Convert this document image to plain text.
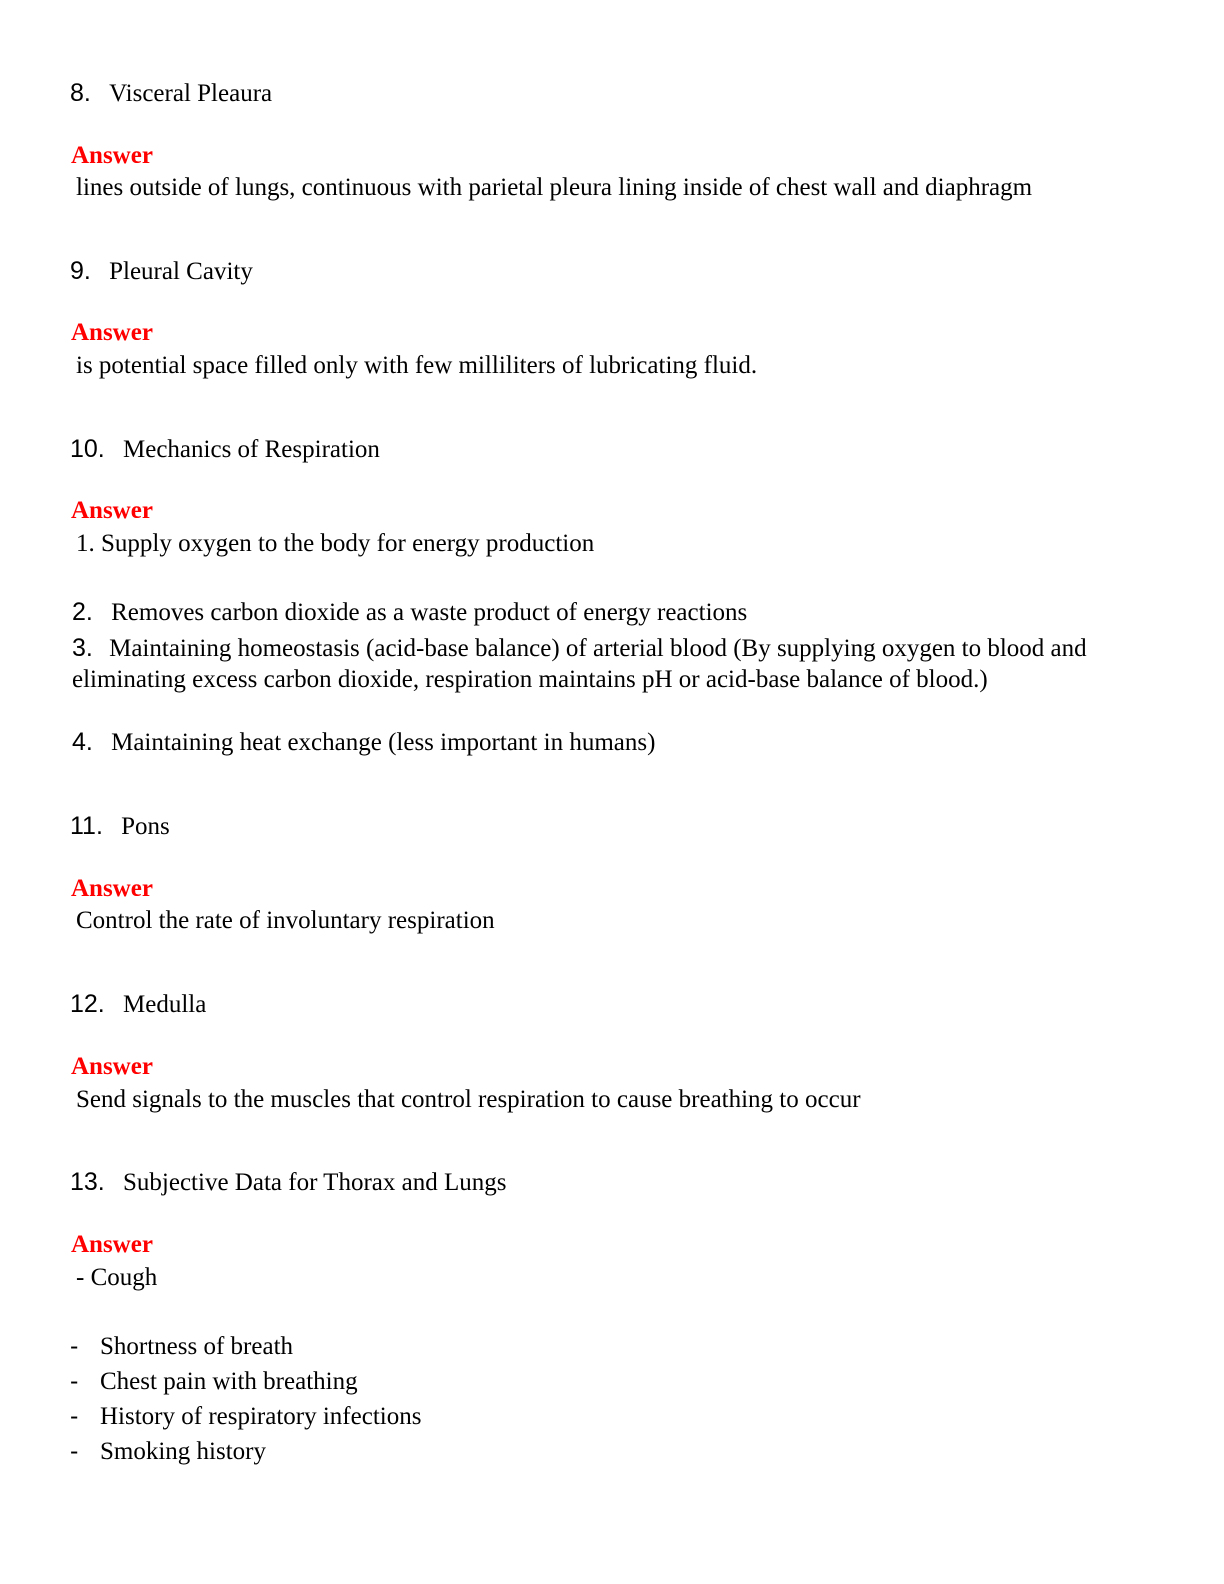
8. Visceral Pleaura
Answer
lines outside of lungs, continuous with parietal pleura lining inside of chest wall and diaphragm
9. Pleural Cavity
Answer
is potential space filled only with few milliliters of lubricating fluid.
10. Mechanics of Respiration
Answer
1. Supply oxygen to the body for energy production
2. Removes carbon dioxide as a waste product of energy reactions
3. Maintaining homeostasis (acid-base balance) of arterial blood (By supplying oxygen to blood and eliminating excess carbon dioxide, respiration maintains pH or acid-base balance of blood.)
4. Maintaining heat exchange (less important in humans)
11. Pons
Answer
Control the rate of involuntary respiration
12. Medulla
Answer
Send signals to the muscles that control respiration to cause breathing to occur
13. Subjective Data for Thorax and Lungs
Answer
- Cough
- Shortness of breath
- Chest pain with breathing
- History of respiratory infections
- Smoking history
